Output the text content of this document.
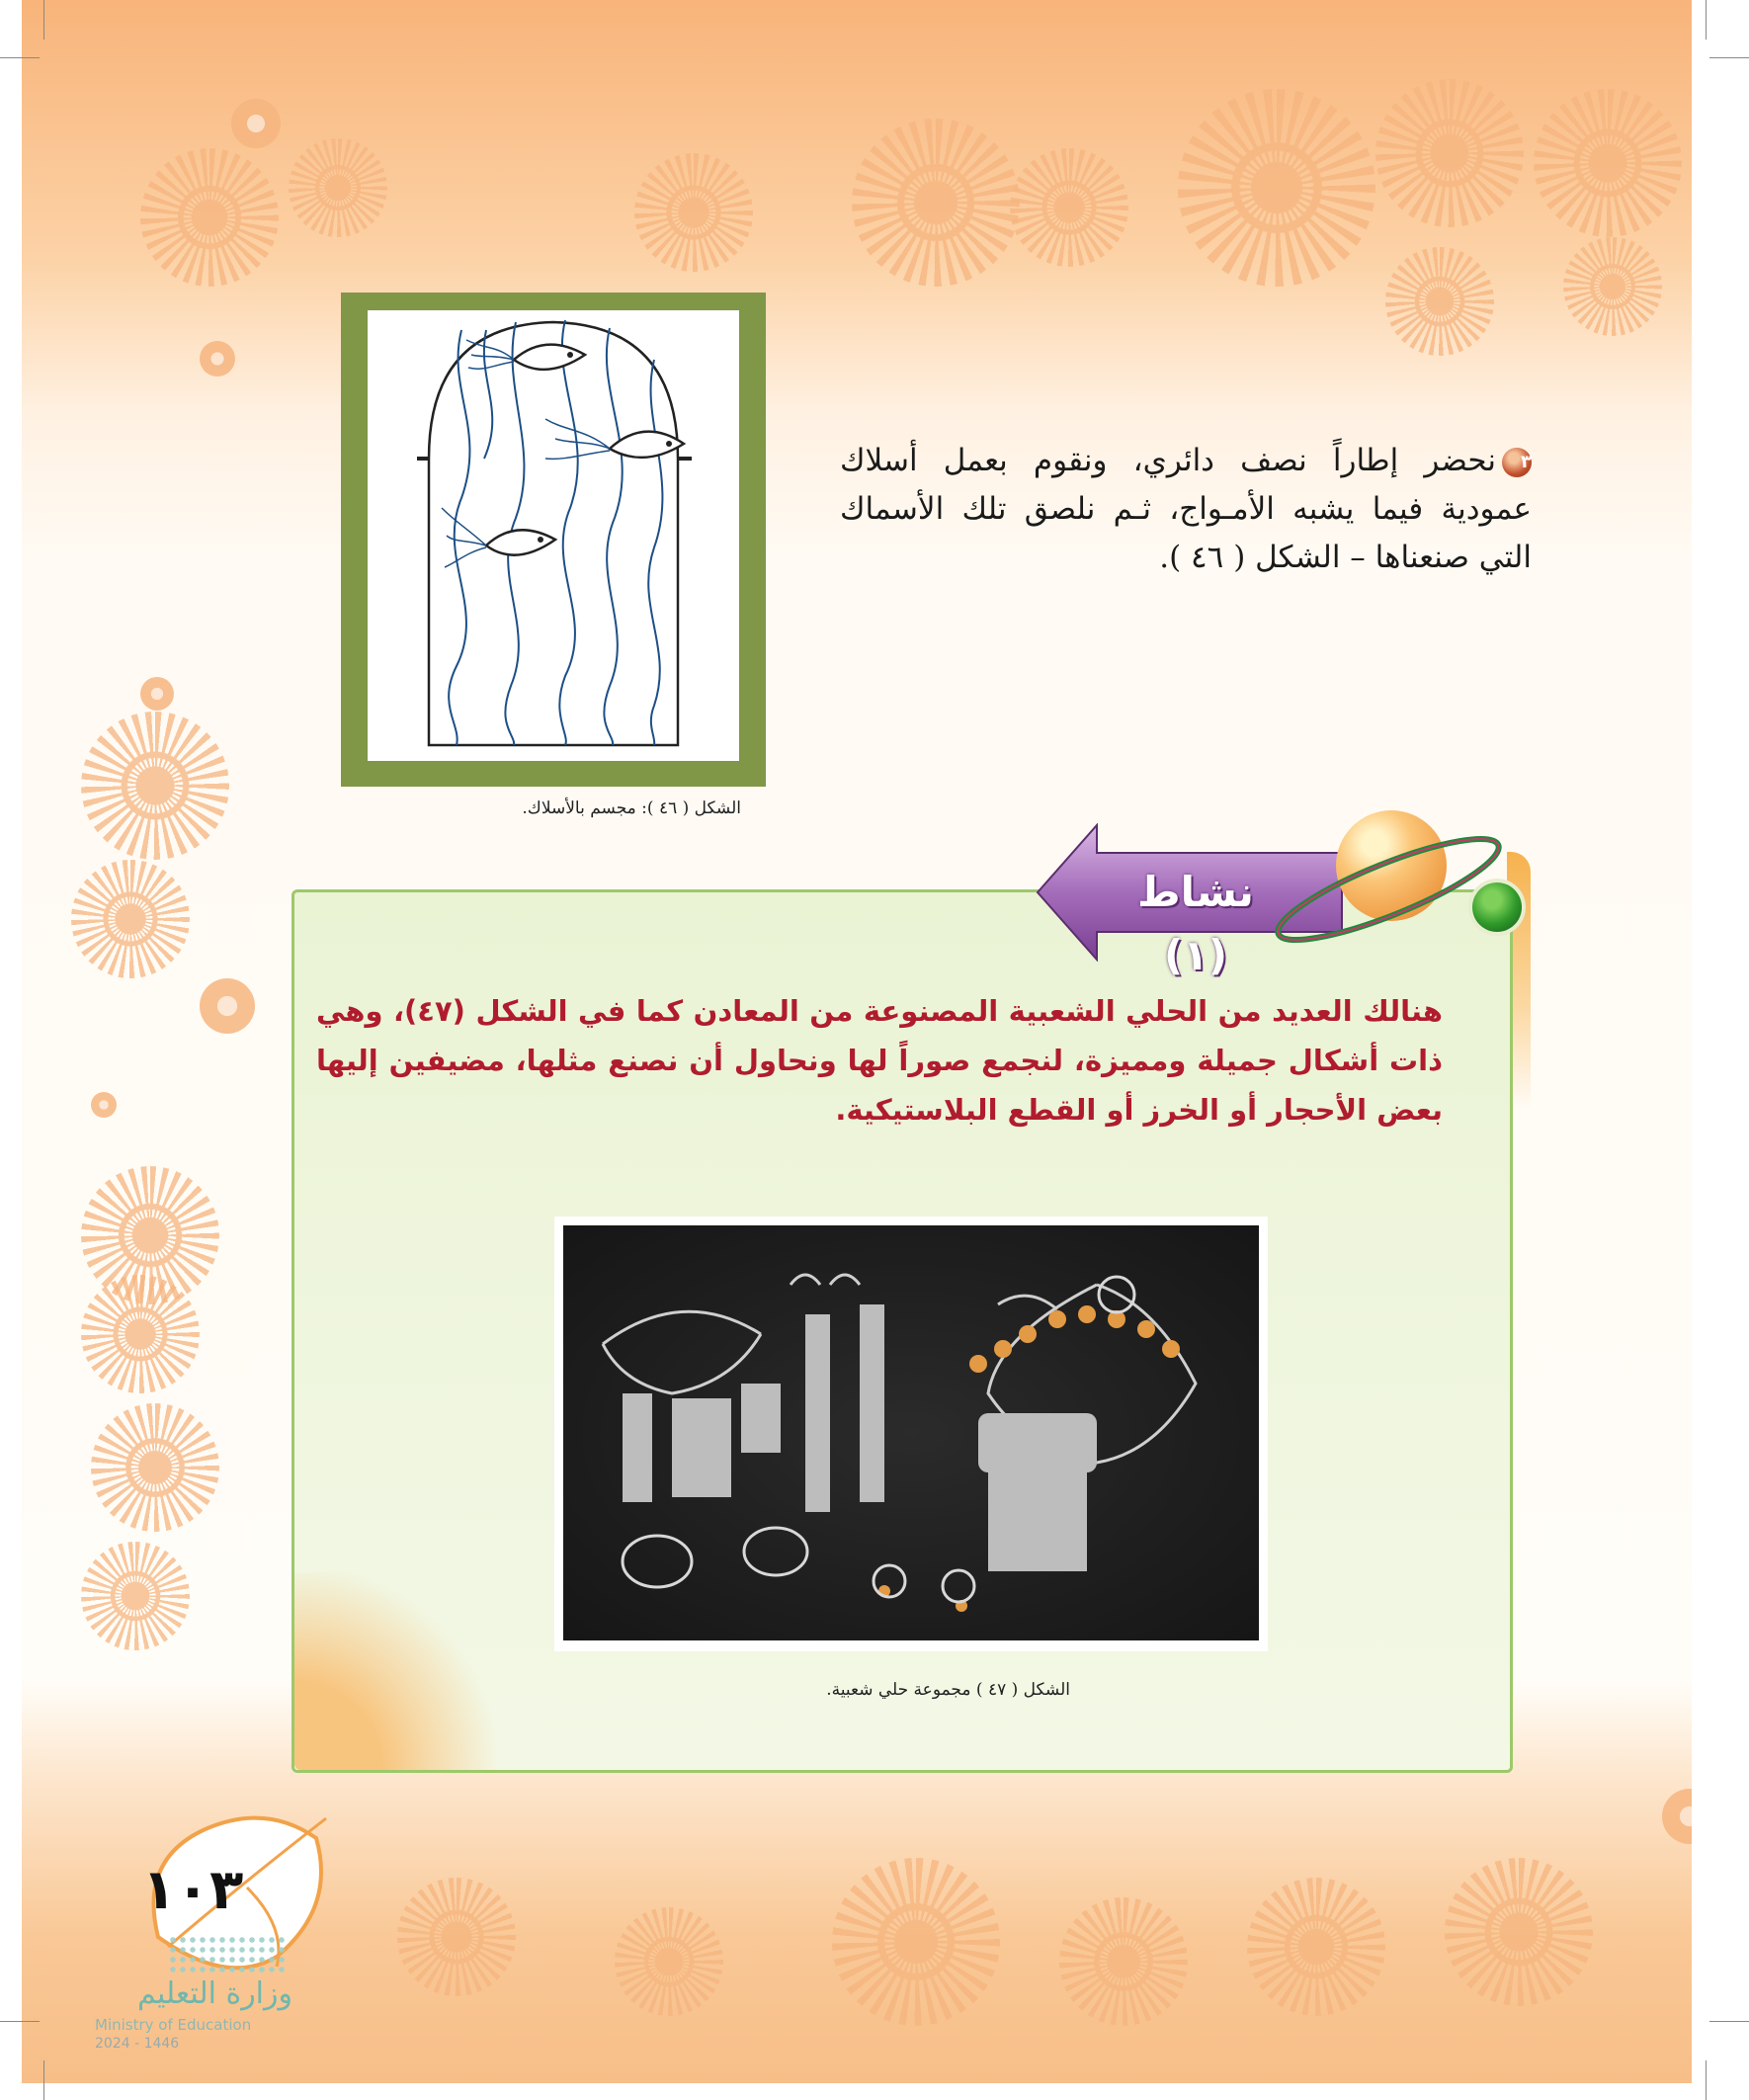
الشكل ( ٤٦ ): مجسم بالأسلاك.
٣نحضر إطاراً نصف دائري، ونقوم بعمل أسلاك عمودية فيما يشبه الأمـواج، ثـم نلصق تلك الأسماك التي صنعناها – الشكل ( ٤٦ ).
نشاط (١)
هنالك العديد من الحلي الشعبية المصنوعة من المعادن كما في الشكل (٤٧)، وهي ذات أشكال جميلة ومميزة، لنجمع صوراً لها ونحاول أن نصنع مثلها، مضيفين إليها بعض الأحجار أو الخرز أو القطع البلاستيكية.
الشكل ( ٤٧ ) مجموعة حلي شعبية.
١٠٣
وزارة التعليم
Ministry of Education
2024 - 1446
